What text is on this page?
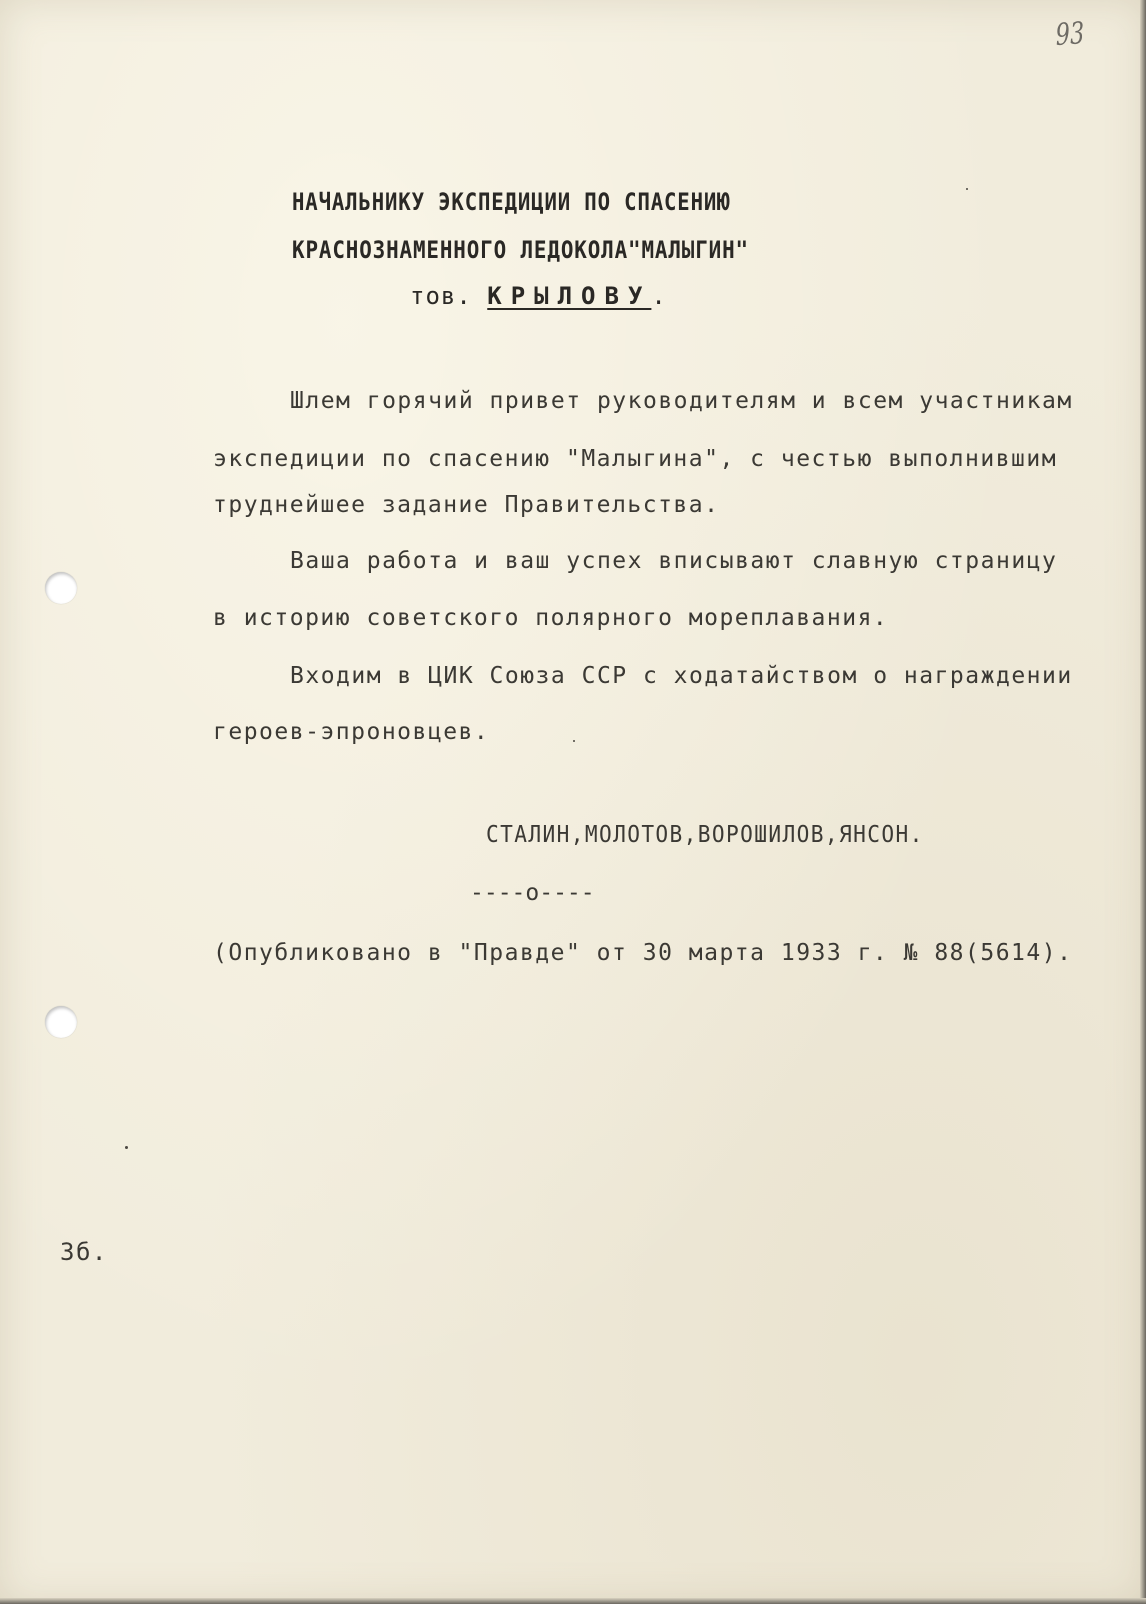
93
НАЧАЛЬНИКУ ЭКСПЕДИЦИИ ПО СПАСЕНИЮ
КРАСНОЗНАМЕННОГО ЛЕДОКОЛА"МАЛЫГИН"
тов. КРЫЛОВУ.
Шлем горячий привет руководителям и всем участникам
экспедиции по спасению "Малыгина", с честью выполнившим
труднейшее задание Правительства.
Ваша работа и ваш успех вписывают славную страницу
в историю советского полярного мореплавания.
Входим в ЦИК Союза ССР с ходатайством о награждении
героев-эпроновцев.
СТАЛИН,МОЛОТОВ,ВОРОШИЛОВ,ЯНСОН.
----о----
(Опубликовано в "Правде" от 30 марта 1933 г. № 88(5614).
3б.
